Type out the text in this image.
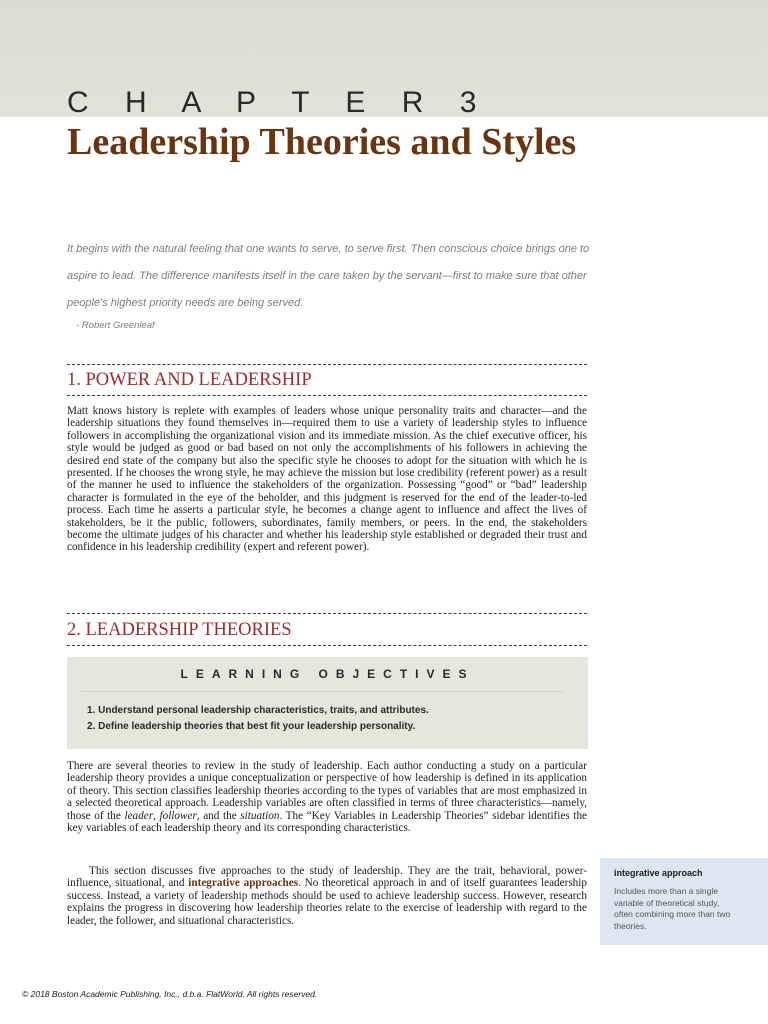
C H A P T E R 3
Leadership Theories and Styles

It begins with the natural feeling that one wants to serve, to serve first. Then conscious choice brings one to aspire to lead. The difference manifests itself in the care taken by the servant—first to make sure that other people's highest priority needs are being served.

- Robert Greenleaf

1. POWER AND LEADERSHIP

Matt knows history is replete with examples of leaders whose unique personality traits and character—and the leadership situations they found themselves in—required them to use a variety of leadership styles to influence followers in accomplishing the organizational vision and its immediate mission. As the chief executive officer, his style would be judged as good or bad based on not only the accomplishments of his followers in achieving the desired end state of the company but also the specific style he chooses to adopt for the situation with which he is presented. If he chooses the wrong style, he may achieve the mission but lose credibility (referent power) as a result of the manner he used to influence the stakeholders of the organization. Possessing “good” or “bad” leadership character is formulated in the eye of the beholder, and this judgment is reserved for the end of the leader-to-led process. Each time he asserts a particular style, he becomes a change agent to influence and affect the lives of stakeholders, be it the public, followers, subordinates, family members, or peers. In the end, the stakeholders become the ultimate judges of his character and whether his leadership style established or degraded their trust and confidence in his leadership credibility (expert and referent power).

2. LEADERSHIP THEORIES
LEARNING OBJECTIVES
1. Understand personal leadership characteristics, traits, and attributes.
2. Define leadership theories that best fit your leadership personality.

There are several theories to review in the study of leadership. Each author conducting a study on a particular leadership theory provides a unique conceptualization or perspective of how leadership is defined in its application of theory. This section classifies leadership theories according to the types of variables that are most emphasized in a selected theoretical approach. Leadership variables are often classified in terms of three characteristics—namely, those of the leader, follower, and the situation. The “Key Variables in Leadership Theories” sidebar identifies the key variables of each leadership theory and its corresponding characteristics.

This section discusses five approaches to the study of leadership. They are the trait, behavioral, power-influence, situational, and integrative approaches. No theoretical approach in and of itself guarantees leadership success. Instead, a variety of leadership methods should be used to achieve leadership success. However, research explains the progress in discovering how leadership theories relate to the exercise of leadership with regard to the leader, the follower, and situational characteristics.

integrative approach

Includes more than a single variable of theoretical study, often combining more than two theories.

© 2018 Boston Academic Publishing, Inc., d.b.a. FlatWorld. All rights reserved.
